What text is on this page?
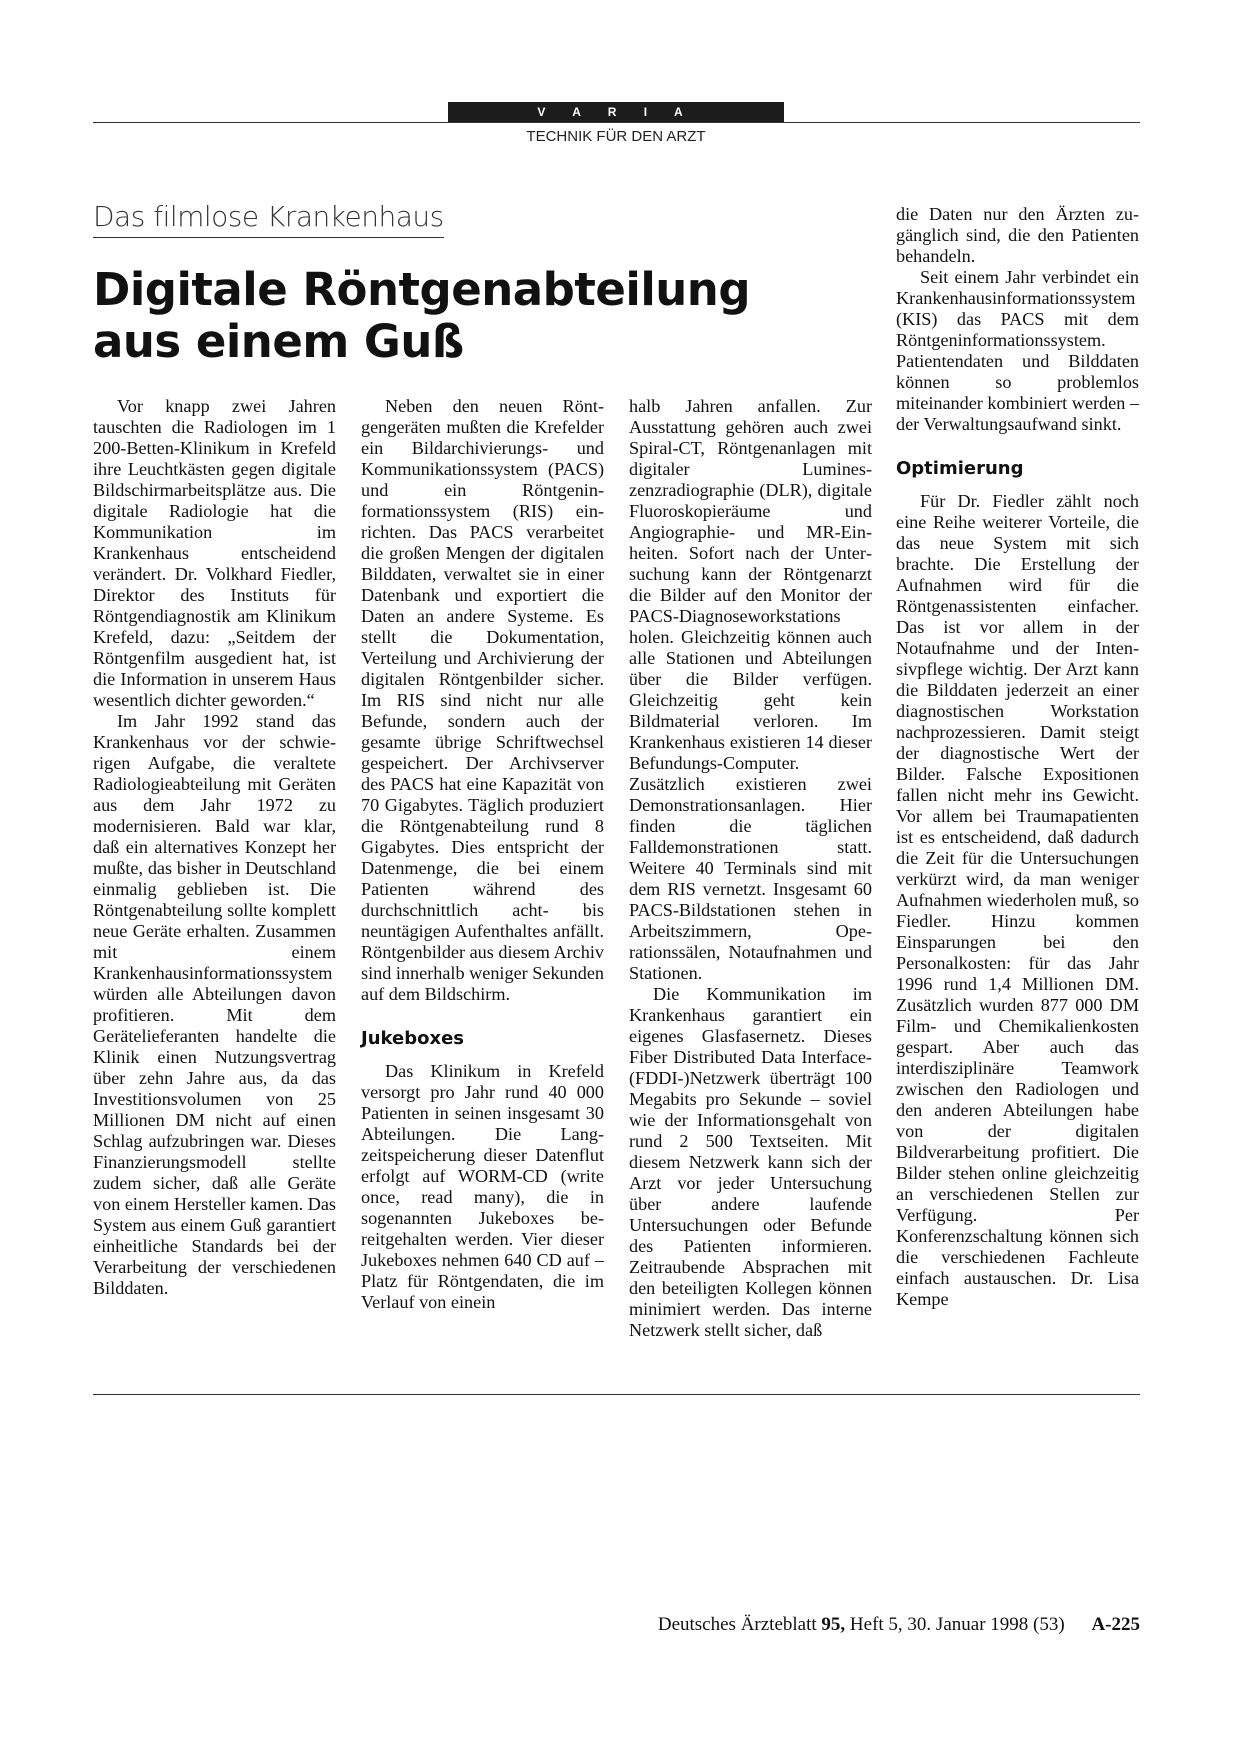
V A R I A
TECHNIK FÜR DEN ARZT
Das filmlose Krankenhaus
Digitale Röntgenabteilung
aus einem Guß

Vor knapp zwei Jahren tauschten die Radiologen im 1 200-Betten-Klinikum in Krefeld ihre Leuchtkästen gegen digitale Bildschirmarbeitsplätze aus. Die digitale Radiologie hat die Kommunikation im Krankenhaus entscheidend verändert. Dr. Volkhard Fiedler, Direktor des Instituts für Röntgendiagnostik am Klinikum Krefeld, dazu: „Seitdem der Röntgenfilm ausgedient hat, ist die Information in unserem Haus wesentlich dichter geworden.“

Im Jahr 1992 stand das Krankenhaus vor der schwierigen Aufgabe, die veraltete Radiologieabteilung mit Geräten aus dem Jahr 1972 zu modernisieren. Bald war klar, daß ein alternatives Konzept her mußte, das bisher in Deutschland einmalig geblieben ist. Die Röntgenabteilung sollte komplett neue Geräte erhalten. Zusammen mit einem Krankenhausinformationssystem würden alle Abteilungen davon profitieren. Mit dem Gerätelieferanten handelte die Klinik einen Nutzungsvertrag über zehn Jahre aus, da das Investitionsvolumen von 25 Millionen DM nicht auf einen Schlag aufzubringen war. Dieses Finanzierungsmodell stellte zudem sicher, daß alle Geräte von einem Hersteller kamen. Das System aus einem Guß garantiert einheitliche Standards bei der Verarbeitung der verschiedenen Bilddaten.

Neben den neuen Röntgengeräten mußten die Krefelder ein Bildarchivierungs- und Kommunikationssystem (PACS) und ein Röntgeninformationssystem (RIS) einrichten. Das PACS verarbeitet die großen Mengen der digitalen Bilddaten, verwaltet sie in einer Datenbank und exportiert die Daten an andere Systeme. Es stellt die Dokumentation, Verteilung und Archivierung der digitalen Röntgenbilder sicher. Im RIS sind nicht nur alle Befunde, sondern auch der gesamte übrige Schriftwechsel gespeichert. Der Archivserver des PACS hat eine Kapazität von 70 Gigabytes. Täglich produziert die Röntgenabteilung rund 8 Gigabytes. Dies entspricht der Datenmenge, die bei einem Patienten während des durchschnittlich acht- bis neuntägigen Aufenthaltes anfällt. Röntgenbilder aus diesem Archiv sind innerhalb weniger Sekunden auf dem Bildschirm.

Jukeboxes

Das Klinikum in Krefeld versorgt pro Jahr rund 40 000 Patienten in seinen insgesamt 30 Abteilungen. Die Langzeitspeicherung dieser Datenflut erfolgt auf WORM-CD (write once, read many), die in sogenannten Jukeboxes bereitgehalten werden. Vier dieser Jukeboxes nehmen 640 CD auf – Platz für Röntgendaten, die im Verlauf von einein

halb Jahren anfallen. Zur Ausstattung gehören auch zwei Spiral-CT, Röntgenanlagen mit digitaler Lumineszenzradiographie (DLR), digitale Fluoroskopieräume und Angiographie- und MR-Einheiten. Sofort nach der Untersuchung kann der Röntgenarzt die Bilder auf den Monitor der PACS-Diagnoseworkstations holen. Gleichzeitig können auch alle Stationen und Abteilungen über die Bilder verfügen. Gleichzeitig geht kein Bildmaterial verloren. Im Krankenhaus existieren 14 dieser Befundungs-Computer. Zusätzlich existieren zwei Demonstrationsanlagen. Hier finden die täglichen Falldemonstrationen statt. Weitere 40 Terminals sind mit dem RIS vernetzt. Insgesamt 60 PACS-Bildstationen stehen in Arbeitszimmern, Operationssälen, Notaufnahmen und Stationen.

Die Kommunikation im Krankenhaus garantiert ein eigenes Glasfasernetz. Dieses Fiber Distributed Data Interface-(FDDI-)Netzwerk überträgt 100 Megabits pro Sekunde – soviel wie der Informationsgehalt von rund 2 500 Textseiten. Mit diesem Netzwerk kann sich der Arzt vor jeder Untersuchung über andere laufende Untersuchungen oder Befunde des Patienten informieren. Zeitraubende Absprachen mit den beteiligten Kollegen können minimiert werden. Das interne Netzwerk stellt sicher, daß

die Daten nur den Ärzten zugänglich sind, die den Patienten behandeln.

Seit einem Jahr verbindet ein Krankenhausinformationssystem (KIS) das PACS mit dem Röntgeninformationssystem. Patientendaten und Bilddaten können so problemlos miteinander kombiniert werden – der Verwaltungsaufwand sinkt.

Optimierung

Für Dr. Fiedler zählt noch eine Reihe weiterer Vorteile, die das neue System mit sich brachte. Die Erstellung der Aufnahmen wird für die Röntgenassistenten einfacher. Das ist vor allem in der Notaufnahme und der Intensivpflege wichtig. Der Arzt kann die Bilddaten jederzeit an einer diagnostischen Workstation nachprozessieren. Damit steigt der diagnostische Wert der Bilder. Falsche Expositionen fallen nicht mehr ins Gewicht. Vor allem bei Traumapatienten ist es entscheidend, daß dadurch die Zeit für die Untersuchungen verkürzt wird, da man weniger Aufnahmen wiederholen muß, so Fiedler. Hinzu kommen Einsparungen bei den Personalkosten: für das Jahr 1996 rund 1,4 Millionen DM. Zusätzlich wurden 877 000 DM Film- und Chemikalienkosten gespart. Aber auch das interdisziplinäre Teamwork zwischen den Radiologen und den anderen Abteilungen habe von der digitalen Bildverarbeitung profitiert. Die Bilder stehen online gleichzeitig an verschiedenen Stellen zur Verfügung. Per Konferenzschaltung können sich die verschiedenen Fachleute einfach austauschen. Dr. Lisa Kempe

Deutsches Ärzteblatt 95, Heft 5, 30. Januar 1998 (53) A-225
